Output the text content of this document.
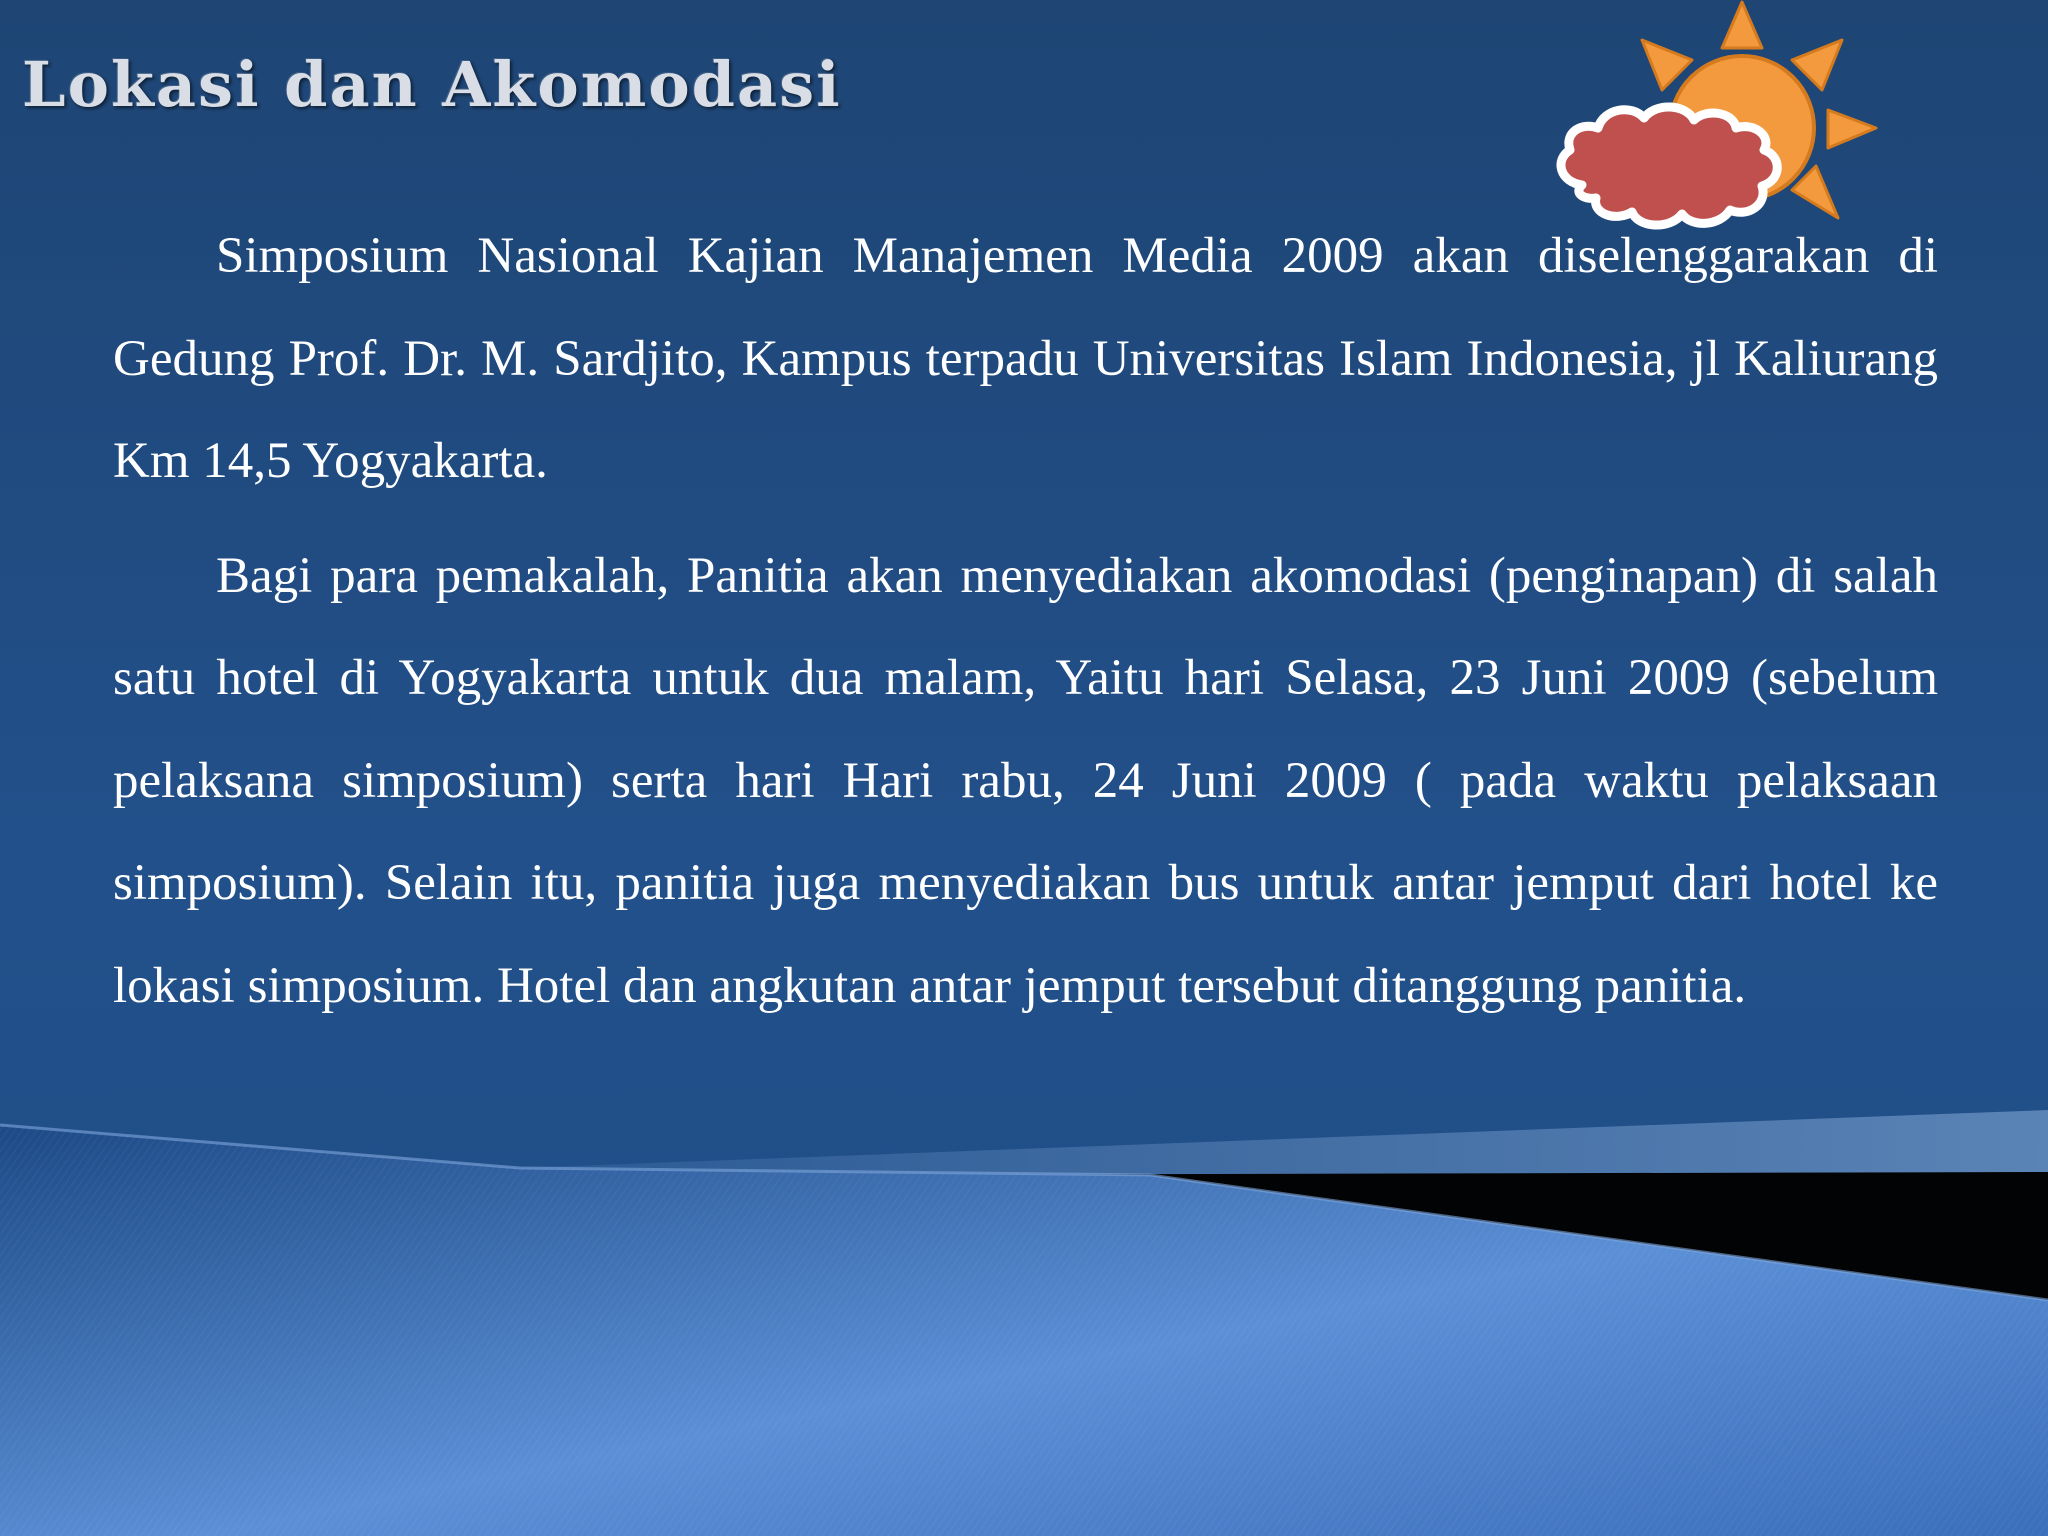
Lokasi dan Akomodasi

Simposium Nasional Kajian Manajemen Media 2009 akan diselenggarakan di Gedung Prof. Dr. M. Sardjito, Kampus terpadu Universitas Islam Indonesia, jl Kaliurang Km 14,5 Yogyakarta.

Bagi para pemakalah, Panitia akan menyediakan akomodasi (penginapan) di salah satu hotel di Yogyakarta untuk dua malam, Yaitu hari Selasa, 23 Juni 2009 (sebelum pelaksana simposium) serta hari Hari rabu, 24 Juni 2009 ( pada waktu pelaksaan simposium). Selain itu, panitia juga menyediakan bus untuk antar jemput dari hotel ke lokasi simposium. Hotel dan angkutan antar jemput tersebut ditanggung panitia.
